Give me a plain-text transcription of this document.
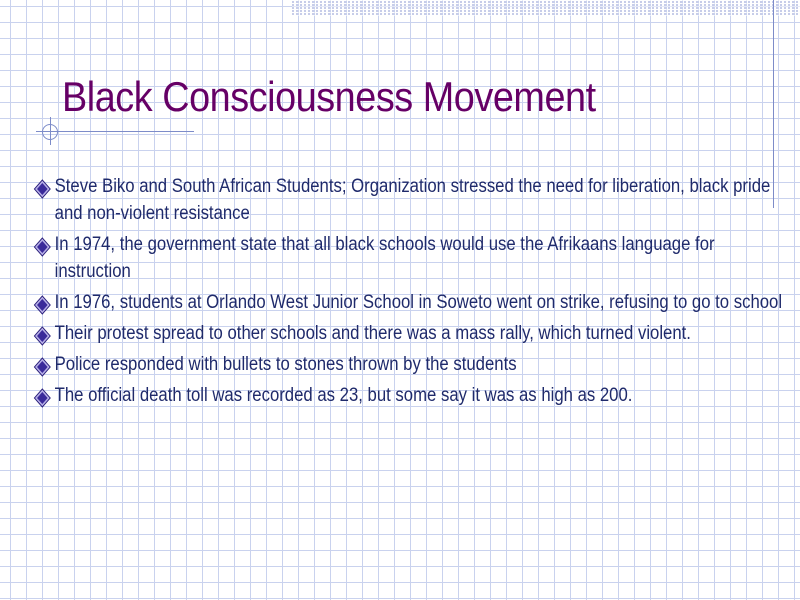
Black Consciousness Movement
Steve Biko and South African Students; Organization stressed the need for liberation, black pride and non-violent resistance
In 1974, the government state that all black schools would use the Afrikaans language for instruction
In 1976, students at Orlando West Junior School in Soweto went on strike, refusing to go to school
Their protest spread to other schools and there was a mass rally, which turned violent.
Police responded with bullets to stones thrown by the students
The official death toll was recorded as 23, but some say it was as high as 200.
